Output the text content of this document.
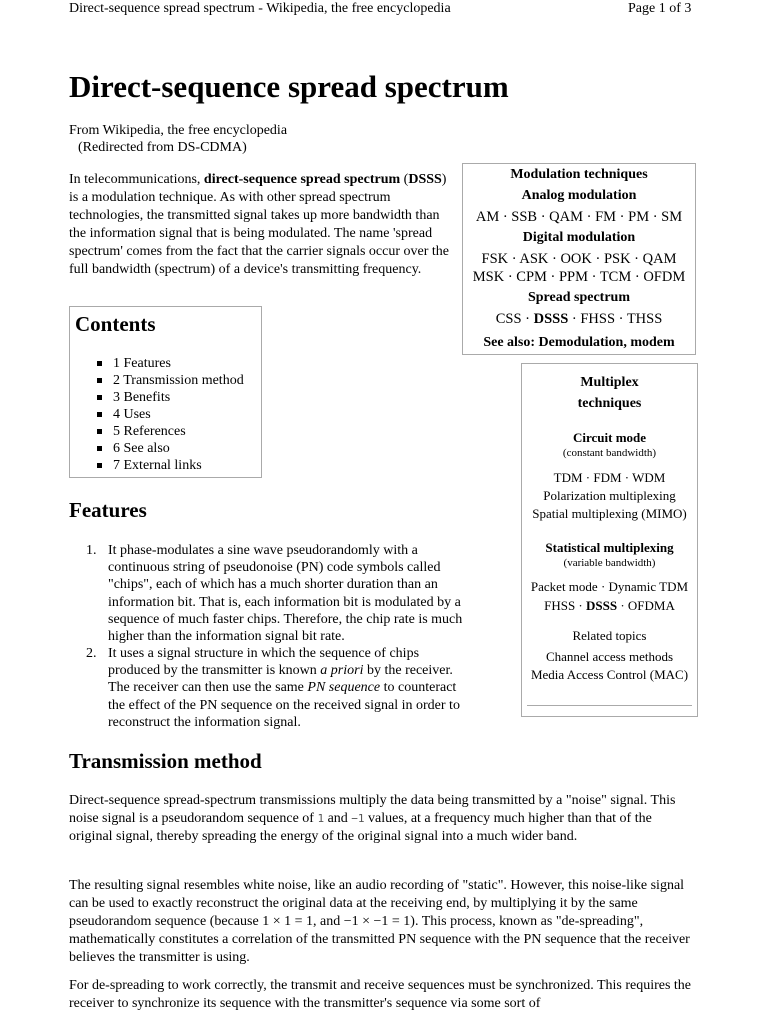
Direct-sequence spread spectrum - Wikipedia, the free encyclopedia	Page 1 of 3
Direct-sequence spread spectrum
From Wikipedia, the free encyclopedia
(Redirected from DS-CDMA)
In telecommunications, direct-sequence spread spectrum (DSSS) is a modulation technique. As with other spread spectrum technologies, the transmitted signal takes up more bandwidth than the information signal that is being modulated. The name 'spread spectrum' comes from the fact that the carrier signals occur over the full bandwidth (spectrum) of a device's transmitting frequency.
Modulation techniques
Analog modulation
AM · SSB · QAM · FM · PM · SM
Digital modulation
FSK · ASK · OOK · PSK · QAM
MSK · CPM · PPM · TCM · OFDM
Spread spectrum
CSS · DSSS · FHSS · THSS
See also: Demodulation, modem
Contents
1 Features
2 Transmission method
3 Benefits
4 Uses
5 References
6 See also
7 External links
Features
1. It phase-modulates a sine wave pseudorandomly with a
continuous string of pseudonoise (PN) code symbols called
"chips", each of which has a much shorter duration than an
information bit. That is, each information bit is modulated by a
sequence of much faster chips. Therefore, the chip rate is much
higher than the information signal bit rate.
2. It uses a signal structure in which the sequence of chips
produced by the transmitter is known a priori by the receiver.
The receiver can then use the same PN sequence to counteract
the effect of the PN sequence on the received signal in order to
reconstruct the information signal.
Multiplex
techniques
Circuit mode
(constant bandwidth)
TDM · FDM · WDM
Polarization multiplexing
Spatial multiplexing (MIMO)
Statistical multiplexing
(variable bandwidth)
Packet mode · Dynamic TDM
FHSS · DSSS · OFDMA
Related topics
Channel access methods
Media Access Control (MAC)
Transmission method
Direct-sequence spread-spectrum transmissions multiply the data being transmitted by a "noise" signal. This noise signal is a pseudorandom sequence of 1 and −1 values, at a frequency much higher than that of the original signal, thereby spreading the energy of the original signal into a much wider band.
The resulting signal resembles white noise, like an audio recording of "static". However, this noise-like signal can be used to exactly reconstruct the original data at the receiving end, by multiplying it by the same pseudorandom sequence (because 1 × 1 = 1, and −1 × −1 = 1). This process, known as "de-spreading", mathematically constitutes a correlation of the transmitted PN sequence with the PN sequence that the receiver believes the transmitter is using.
For de-spreading to work correctly, the transmit and receive sequences must be synchronized. This requires the receiver to synchronize its sequence with the transmitter's sequence via some sort of
